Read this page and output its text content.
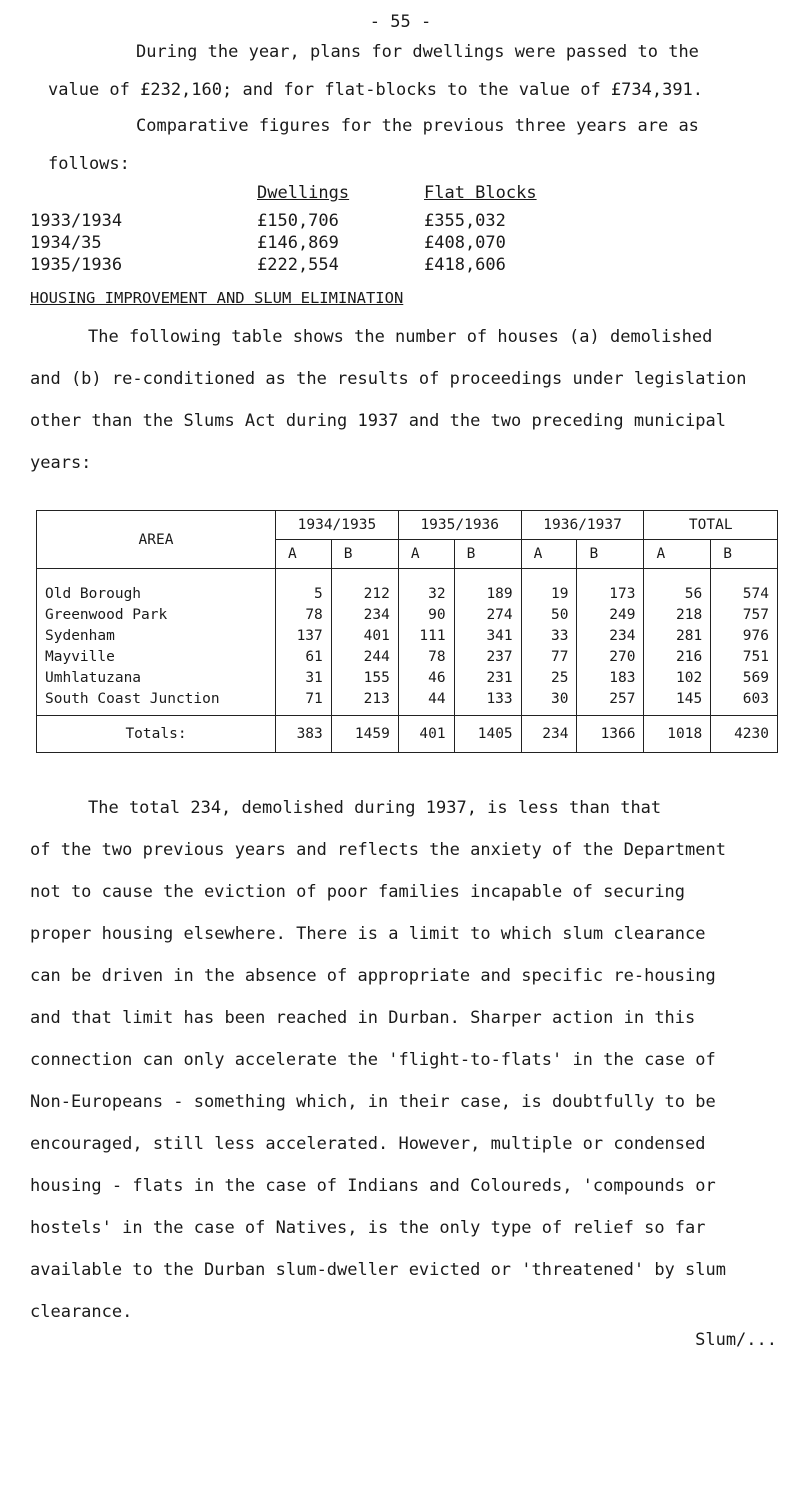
- 55 -
During the year, plans for dwellings were passed to the
value of £232,160; and for flat-blocks to the value of £734,391.
Comparative figures for the previous three years are as
follows:
Dwellings	Flat Blocks
1933/1934	£150,706	£355,032
1934/35	£146,869	£408,070
1935/1936	£222,554	£418,606
HOUSING IMPROVEMENT AND SLUM ELIMINATION
The following table shows the number of houses (a) demolished
and (b) re-conditioned as the results of proceedings under legislation
other than the Slums Act during 1937 and the two preceding municipal
years:
AREA	1934/1935		1935/1936		1936/1937		TOTAL	
	A	B	A	B	A	B	A	B
Old Borough	5	212	32	189	19	173	56	574
Greenwood Park	78	234	90	274	50	249	218	757
Sydenham	137	401	111	341	33	234	281	976
Mayville	61	244	78	237	77	270	216	751
Umhlatuzana	31	155	46	231	25	183	102	569
South Coast Junction	71	213	44	133	30	257	145	603
Totals:	383	1459	401	1405	234	1366	1018	4230
The total 234, demolished during 1937, is less than that
of the two previous years and reflects the anxiety of the Department
not to cause the eviction of poor families incapable of securing
proper housing elsewhere. There is a limit to which slum clearance
can be driven in the absence of appropriate and specific re-housing
and that limit has been reached in Durban. Sharper action in this
connection can only accelerate the 'flight-to-flats' in the case of
Non-Europeans - something which, in their case, is doubtfully to be
encouraged, still less accelerated. However, multiple or condensed
housing - flats in the case of Indians and Coloureds, 'compounds or
hostels' in the case of Natives, is the only type of relief so far
available to the Durban slum-dweller evicted or 'threatened' by slum
clearance.
Slum/...
